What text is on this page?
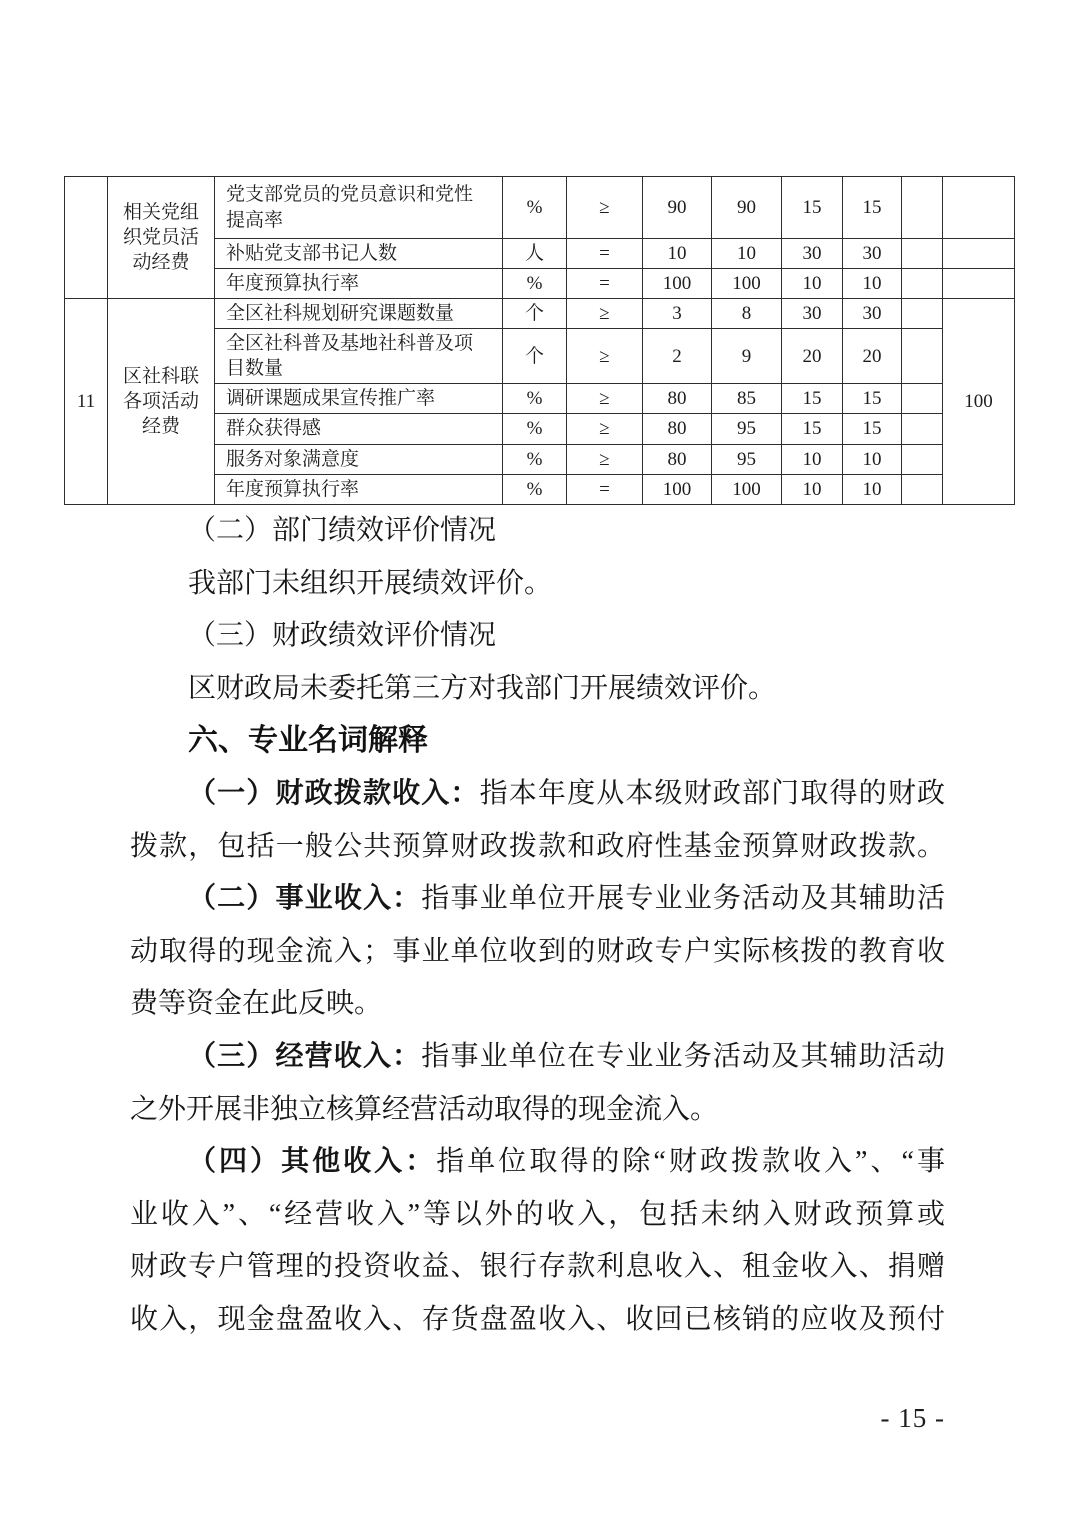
	相关党组织党员活动经费	党支部党员的党员意识和党性提高率	%	≥	90	90	15	15		
		补贴党支部书记人数	人	=	10	10	30	30		
		年度预算执行率	%	=	100	100	10	10		
11	区社科联各项活动经费	全区社科规划研究课题数量	个	≥	3	8	30	30		100
		全区社科普及基地社科普及项目数量	个	≥	2	9	20	20		
		调研课题成果宣传推广率	%	≥	80	85	15	15		
		群众获得感	%	≥	80	95	15	15		
		服务对象满意度	%	≥	80	95	10	10		
		年度预算执行率	%	=	100	100	10	10		
（二）部门绩效评价情况
我部门未组织开展绩效评价。
（三）财政绩效评价情况
区财政局未委托第三方对我部门开展绩效评价。
六、专业名词解释
（一）财政拨款收入：指本年度从本级财政部门取得的财政
拨款，包括一般公共预算财政拨款和政府性基金预算财政拨款。
（二）事业收入：指事业单位开展专业业务活动及其辅助活
动取得的现金流入；事业单位收到的财政专户实际核拨的教育收
费等资金在此反映。
（三）经营收入：指事业单位在专业业务活动及其辅助活动
之外开展非独立核算经营活动取得的现金流入。
（四）其他收入：指单位取得的除“财政拨款收入”、“事
业收入”、“经营收入”等以外的收入，包括未纳入财政预算或
财政专户管理的投资收益、银行存款利息收入、租金收入、捐赠
收入，现金盘盈收入、存货盘盈收入、收回已核销的应收及预付
- 15 -
